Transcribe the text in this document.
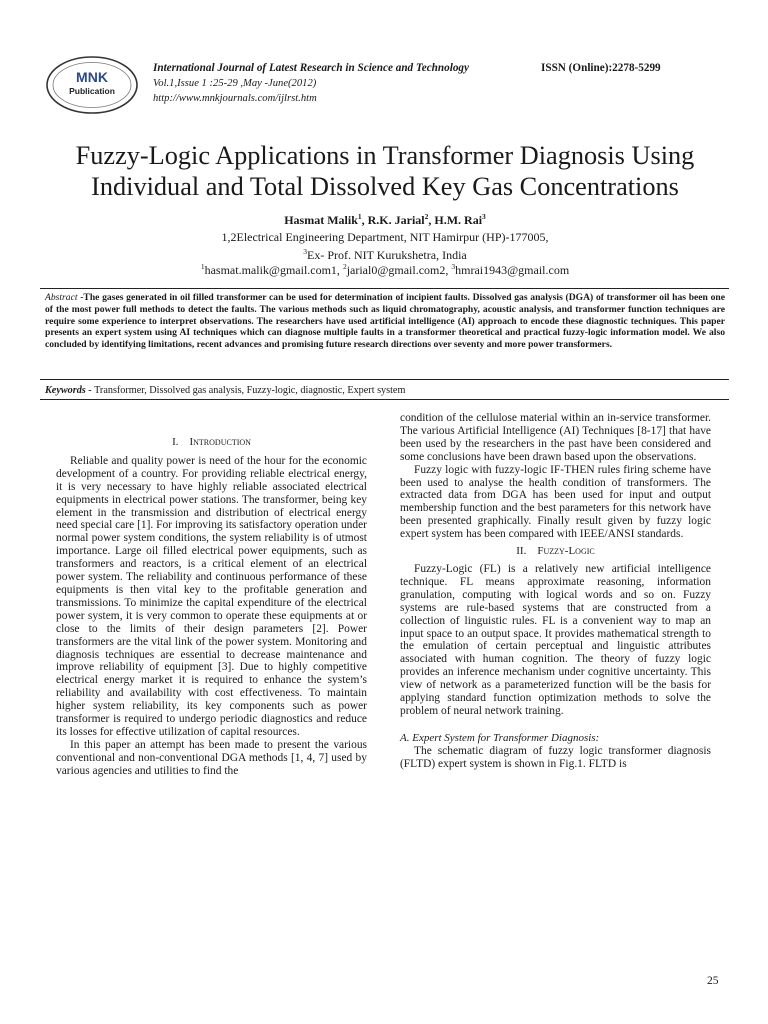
MNK
Publication
International Journal of Latest Research in Science and Technology	ISSN (Online):2278-5299
Vol.1,Issue 1 :25-29 ,May -June(2012)
http://www.mnkjournals.com/ijlrst.htm
Fuzzy-Logic Applications in Transformer Diagnosis Using
Individual and Total Dissolved Key Gas Concentrations
Hasmat Malik$^1$, R.K. Jarial$^2$, H.M. Rai$^3$
1,2Electrical Engineering Department, NIT Hamirpur (HP)-177005,
$^3$Ex- Prof. NIT Kurukshetra, India
$^1$hasmat.malik@gmail.com1, $^2$jarial0@gmail.com2, $^3$hmrai1943@gmail.com
Abstract -The gases generated in oil filled transformer can be used for determination of incipient faults. Dissolved gas analysis (DGA) of transformer oil has been one of the most power full methods to detect the faults. The various methods such as liquid chromatography, acoustic analysis, and transformer function techniques are require some experience to interpret observations. The researchers have used artificial intelligence (AI) approach to encode these diagnostic techniques. This paper presents an expert system using AI techniques which can diagnose multiple faults in a transformer theoretical and practical fuzzy-logic information model. We also concluded by identifying limitations, recent advances and promising future research directions over seventy and more power transformers.
Keywords - Transformer, Dissolved gas analysis, Fuzzy-logic, diagnostic, Expert system
I. Introduction

Reliable and quality power is need of the hour for the economic development of a country. For providing reliable electrical energy, it is very necessary to have highly reliable associated electrical equipments in electrical power stations. The transformer, being key element in the transmission and distribution of electrical energy need special care [1]. For improving its satisfactory operation under normal power system conditions, the system reliability is of utmost importance. Large oil filled electrical power equipments, such as transformers and reactors, is a critical element of an electrical power system. The reliability and continuous performance of these equipments is then vital key to the profitable generation and transmissions. To minimize the capital expenditure of the electrical power system, it is very common to operate these equipments at or close to the limits of their design parameters [2]. Power transformers are the vital link of the power system. Monitoring and diagnosis techniques are essential to decrease maintenance and improve reliability of equipment [3]. Due to highly competitive electrical energy market it is required to enhance the system’s reliability and availability with cost effectiveness. To maintain higher system reliability, its key components such as power transformer is required to undergo periodic diagnostics and reduce its losses for effective utilization of capital resources.

In this paper an attempt has been made to present the various conventional and non-conventional DGA methods [1, 4, 7] used by various agencies and utilities to find the

condition of the cellulose material within an in-service transformer. The various Artificial Intelligence (AI) Techniques [8-17] that have been used by the researchers in the past have been considered and some conclusions have been drawn based upon the observations.

Fuzzy logic with fuzzy-logic IF-THEN rules firing scheme have been used to analyse the health condition of transformers. The extracted data from DGA has been used for input and output membership function and the best parameters for this network have been presented graphically. Finally result given by fuzzy logic expert system has been compared with IEEE/ANSI standards.

II. Fuzzy-Logic

Fuzzy-Logic (FL) is a relatively new artificial intelligence technique. FL means approximate reasoning, information granulation, computing with logical words and so on. Fuzzy systems are rule-based systems that are constructed from a collection of linguistic rules. FL is a convenient way to map an input space to an output space. It provides mathematical strength to the emulation of certain perceptual and linguistic attributes associated with human cognition. The theory of fuzzy logic provides an inference mechanism under cognitive uncertainty. This view of network as a parameterized function will be the basis for applying standard function optimization methods to solve the problem of neural network training.

A. Expert System for Transformer Diagnosis:

The schematic diagram of fuzzy logic transformer diagnosis (FLTD) expert system is shown in Fig.1. FLTD is

25
